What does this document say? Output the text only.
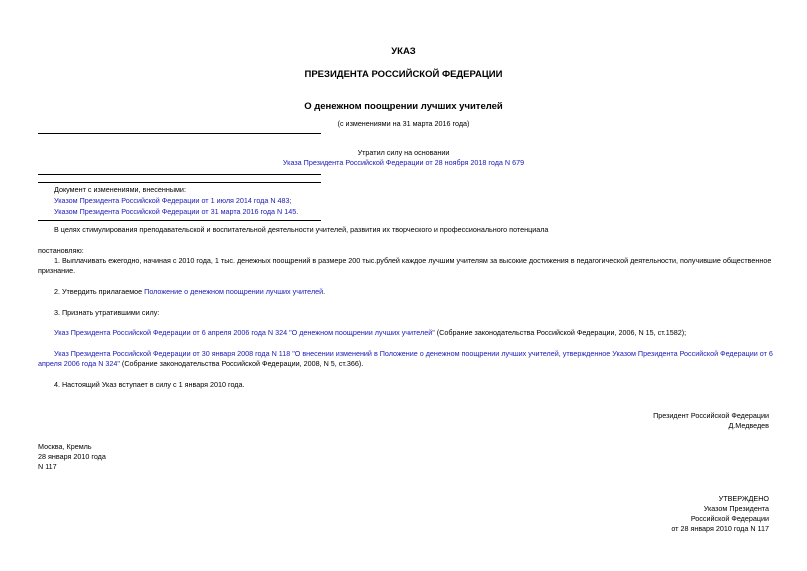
УКАЗ
ПРЕЗИДЕНТА РОССИЙСКОЙ ФЕДЕРАЦИИ
О денежном поощрении лучших учителей
(с изменениями на 31 марта 2016 года)
Утратил силу на основании
Указа Президента Российской Федерации от 28 ноября 2018 года N 679
Документ с изменениями, внесенными:
Указом Президента Российской Федерации от 1 июля 2014 года N 483;
Указом Президента Российской Федерации от 31 марта 2016 года N 145.
В целях стимулирования преподавательской и воспитательной деятельности учителей, развития их творческого и профессионального потенциала
постановляю:
1. Выплачивать ежегодно, начиная с 2010 года, 1 тыс. денежных поощрений в размере 200 тыс.рублей каждое лучшим учителям за высокие достижения в педагогической деятельности, получившие общественное
признание.
2. Утвердить прилагаемое Положение о денежном поощрении лучших учителей.
3. Признать утратившими силу:
Указ Президента Российской Федерации от 6 апреля 2006 года N 324 "О денежном поощрении лучших учителей" (Собрание законодательства Российской Федерации, 2006, N 15, ст.1582);
Указ Президента Российской Федерации от 30 января 2008 года N 118 "О внесении изменений в Положение о денежном поощрении лучших учителей, утвержденное Указом Президента Российской Федерации от 6
апреля 2006 года N 324" (Собрание законодательства Российской Федерации, 2008, N 5, ст.366).
4. Настоящий Указ вступает в силу с 1 января 2010 года.
Президент Российской Федерации
Д.Медведев
Москва, Кремль
28 января 2010 года
N 117
УТВЕРЖДЕНО
Указом Президента
Российской Федерации
от 28 января 2010 года N 117
